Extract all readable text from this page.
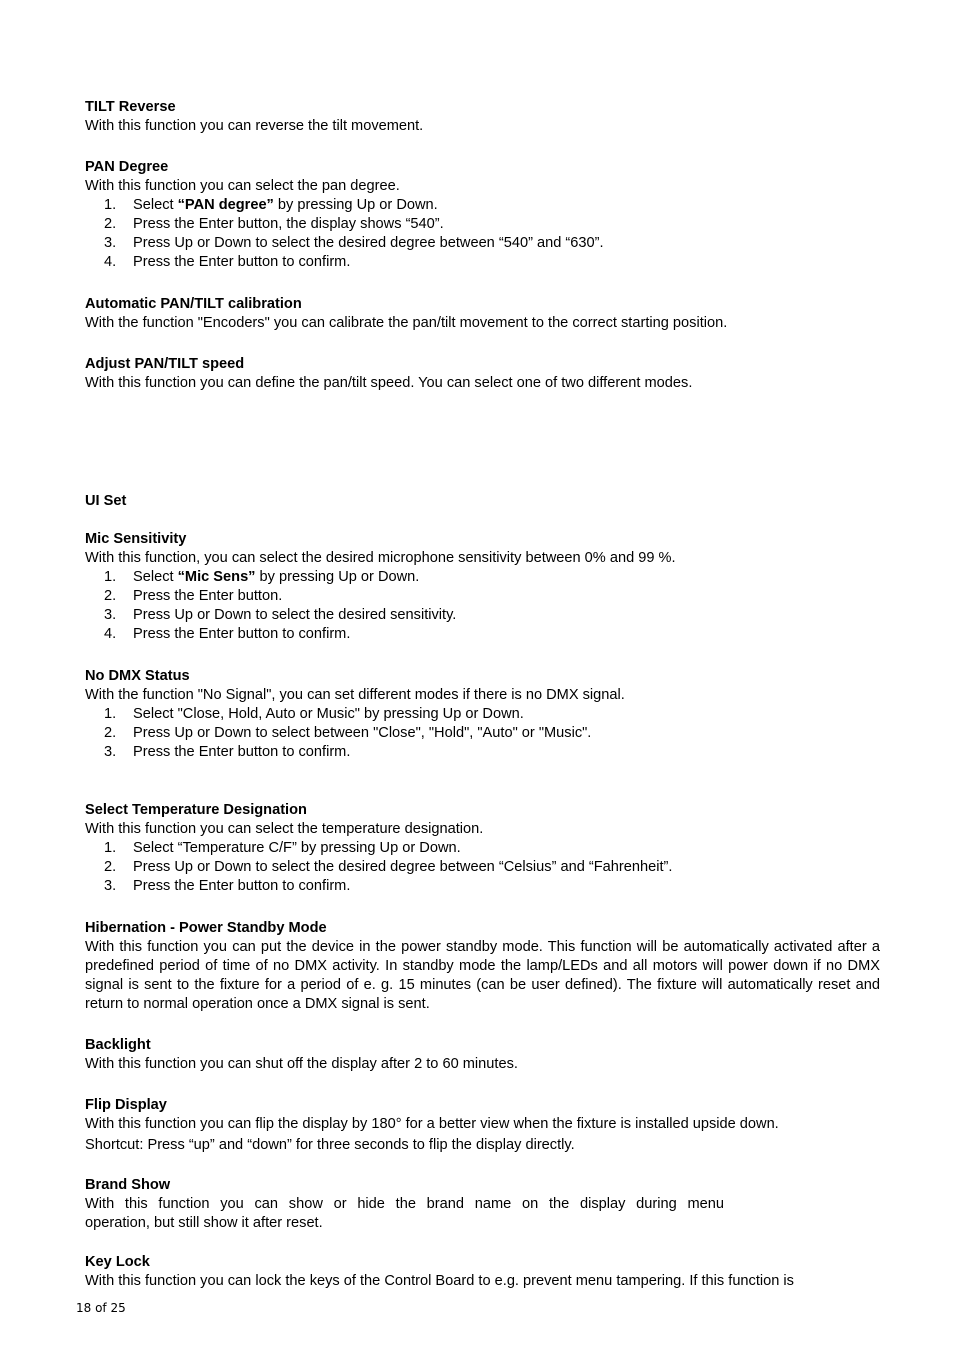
TILT Reverse
With this function you can reverse the tilt movement.
PAN Degree
With this function you can select the pan degree.
1. Select “PAN degree” by pressing Up or Down.
2. Press the Enter button, the display shows “540”.
3. Press Up or Down to select the desired degree between “540” and “630”.
4. Press the Enter button to confirm.
Automatic PAN/TILT calibration
With the function "Encoders" you can calibrate the pan/tilt movement to the correct starting position.
Adjust PAN/TILT speed
With this function you can define the pan/tilt speed. You can select one of two different modes.
UI Set
Mic Sensitivity
With this function, you can select the desired microphone sensitivity between 0% and 99 %.
1. Select “Mic Sens” by pressing Up or Down.
2. Press the Enter button.
3. Press Up or Down to select the desired sensitivity.
4. Press the Enter button to confirm.
No DMX Status
With the function "No Signal", you can set different modes if there is no DMX signal.
1. Select "Close, Hold, Auto or Music" by pressing Up or Down.
2. Press Up or Down to select between "Close", "Hold", "Auto" or "Music".
3. Press the Enter button to confirm.
Select Temperature Designation
With this function you can select the temperature designation.
1. Select “Temperature C/F” by pressing Up or Down.
2. Press Up or Down to select the desired degree between “Celsius” and “Fahrenheit”.
3. Press the Enter button to confirm.
Hibernation - Power Standby Mode
With this function you can put the device in the power standby mode. This function will be automatically activated after a predefined period of time of no DMX activity. In standby mode the lamp/LEDs and all motors will power down if no DMX signal is sent to the fixture for a period of e. g. 15 minutes (can be user defined). The fixture will automatically reset and return to normal operation once a DMX signal is sent.
Backlight
With this function you can shut off the display after 2 to 60 minutes.
Flip Display
With this function you can flip the display by 180° for a better view when the fixture is installed upside down.
Shortcut: Press “up” and “down” for three seconds to flip the display directly.
Brand Show
With this function you can show or hide the brand name on the display during menu
operation, but still show it after reset.
Key Lock
With this function you can lock the keys of the Control Board to e.g. prevent menu tampering. If this function is
18 of 25
